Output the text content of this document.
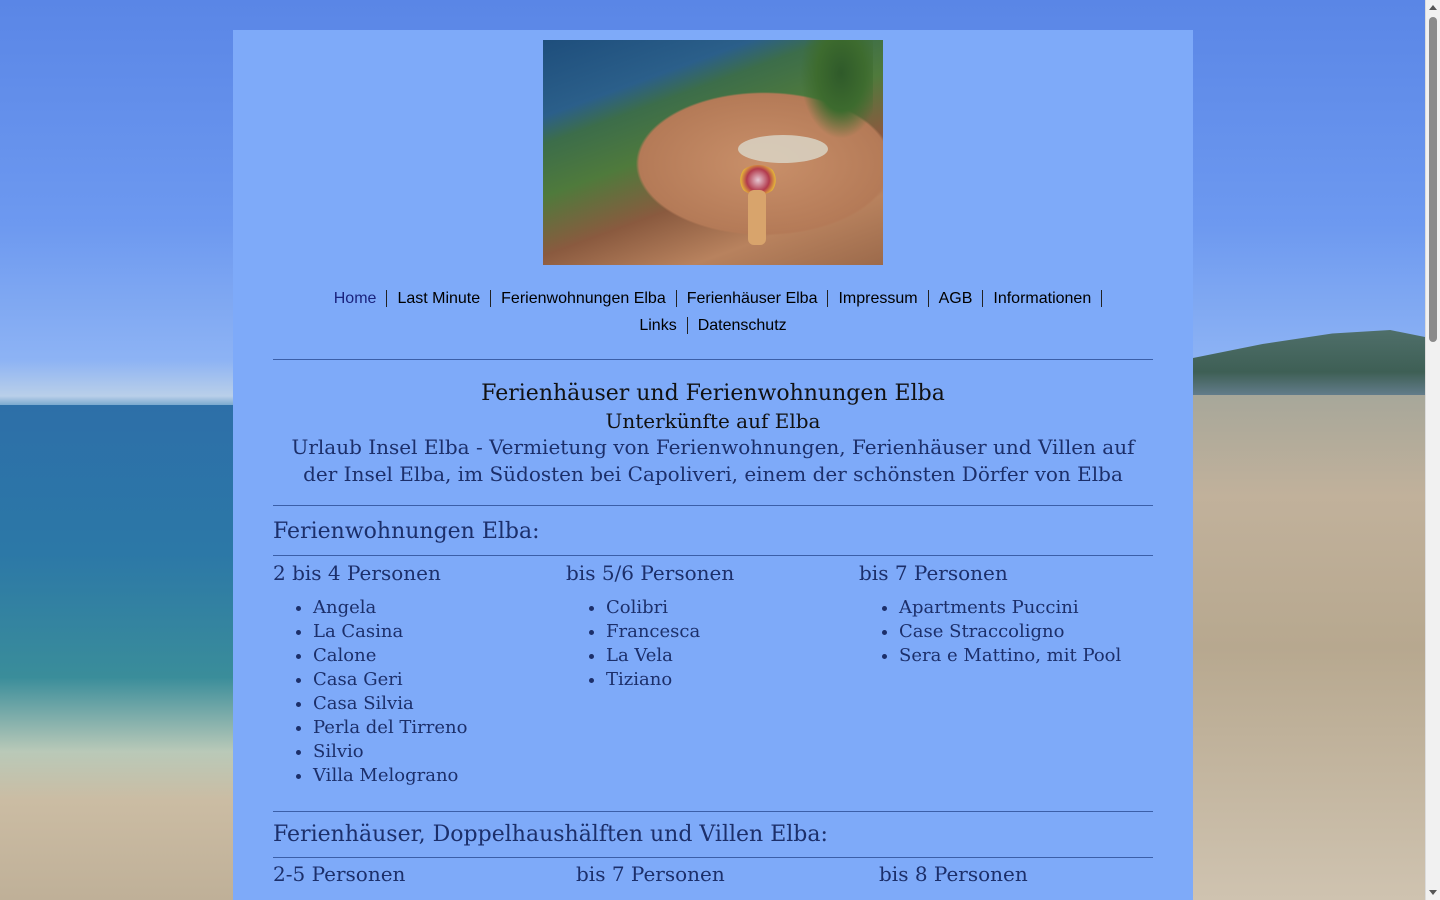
Home Last Minute Ferienwohnungen Elba Ferienhäuser Elba Impressum AGB Informationen
Links Datenschutz
Ferienhäuser und Ferienwohnungen Elba
Unterkünfte auf Elba
Urlaub Insel Elba - Vermietung von Ferienwohnungen, Ferienhäuser und Villen auf der Insel Elba, im Südosten bei Capoliveri, einem der schönsten Dörfer von Elba
Ferienwohnungen Elba:
2 bis 4 Personen
• Angela
• La Casina
• Calone
• Casa Geri
• Casa Silvia
• Perla del Tirreno
• Silvio
• Villa Melograno
bis 5/6 Personen
• Colibri
• Francesca
• La Vela
• Tiziano
bis 7 Personen
• Apartments Puccini
• Case Straccoligno
• Sera e Mattino, mit Pool
Ferienhäuser, Doppelhaushälften und Villen Elba:
2-5 Personen	bis 7 Personen	bis 8 Personen
